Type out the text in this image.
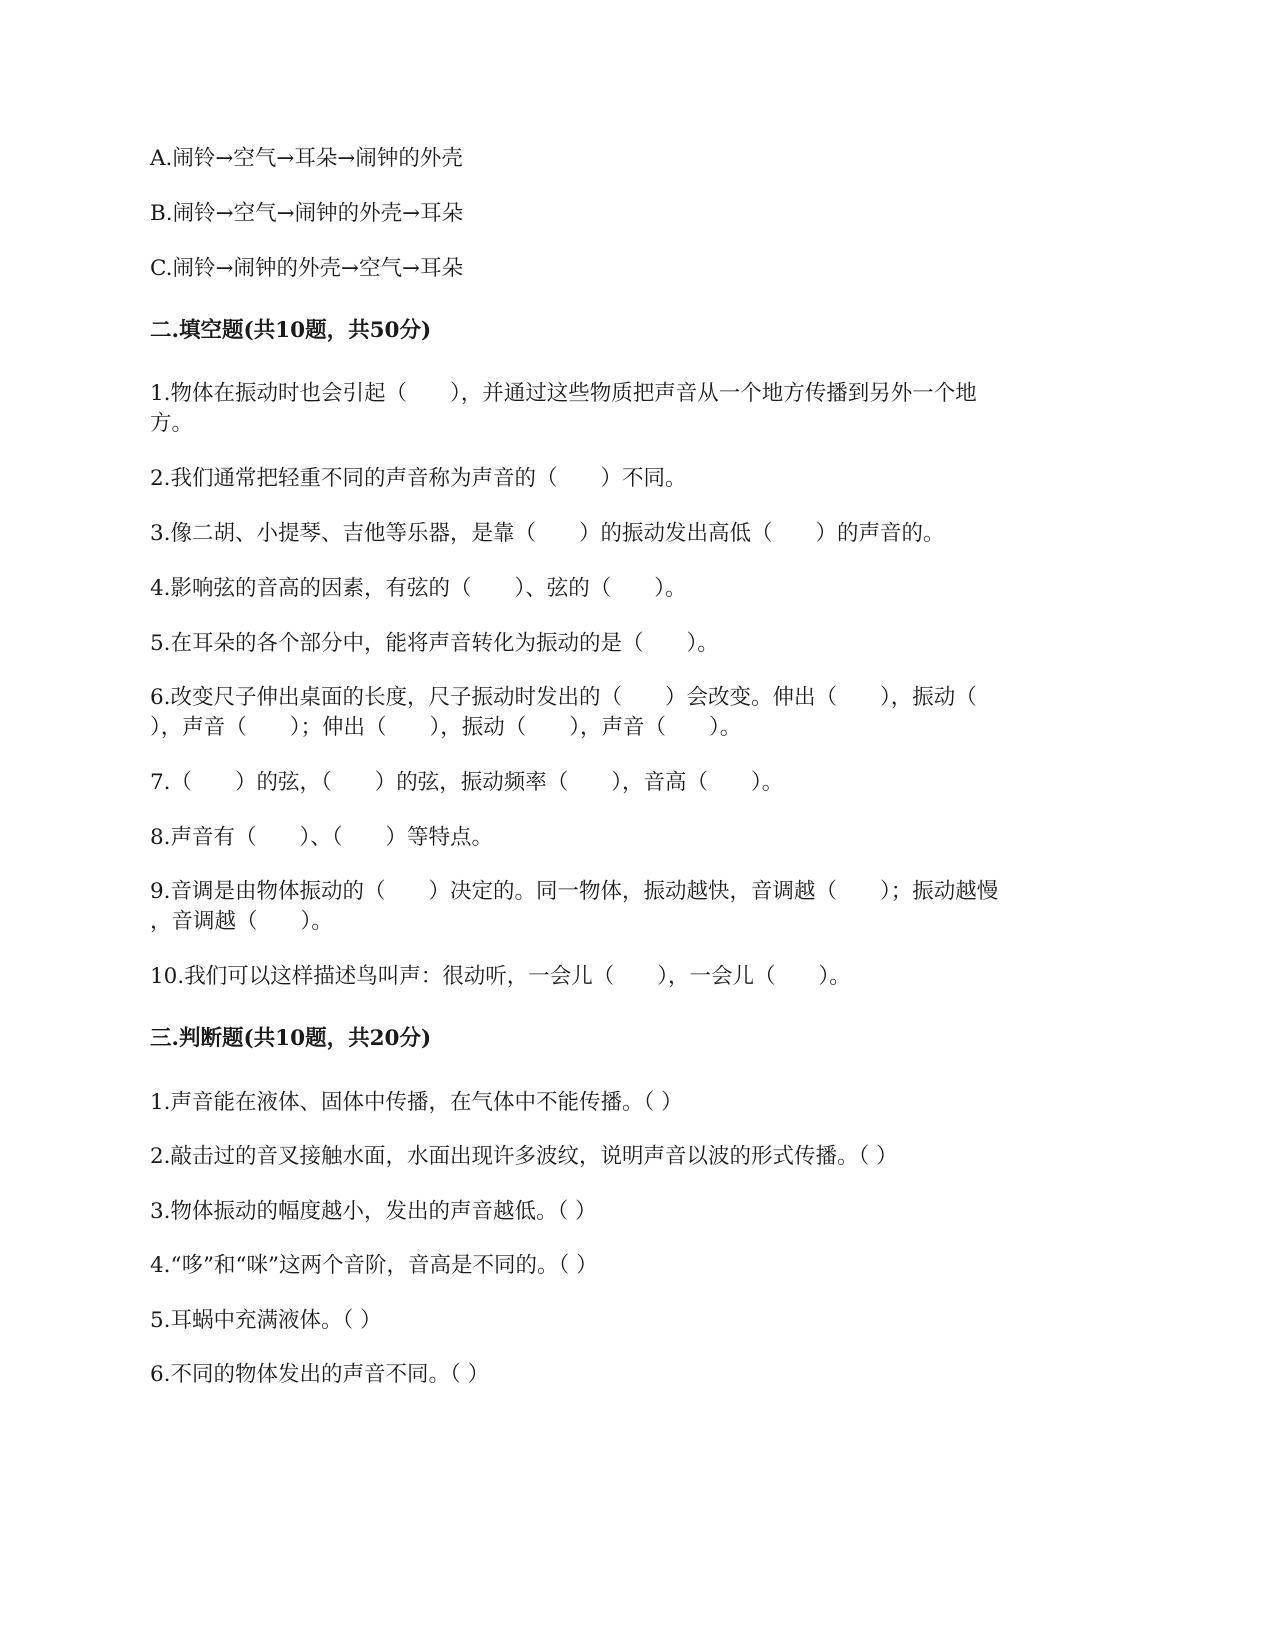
A.闹铃→空气→耳朵→闹钟的外壳
B.闹铃→空气→闹钟的外壳→耳朵
C.闹铃→闹钟的外壳→空气→耳朵
二.填空题(共10题，共50分)
1.物体在振动时也会引起（　　），并通过这些物质把声音从一个地方传播到另外一个地
方。
2.我们通常把轻重不同的声音称为声音的（　　）不同。
3.像二胡、小提琴、吉他等乐器，是靠（　　）的振动发出高低（　　）的声音的。
4.影响弦的音高的因素，有弦的（　　）、弦的（　　）。
5.在耳朵的各个部分中，能将声音转化为振动的是（　　）。
6.改变尺子伸出桌面的长度，尺子振动时发出的（　　）会改变。伸出（　　），振动（
），声音（　　）；伸出（　　），振动（　　），声音（　　）。
7.（　　）的弦，（　　）的弦，振动频率（　　），音高（　　）。
8.声音有（　　）、（　　）等特点。
9.音调是由物体振动的（　　）决定的。同一物体，振动越快，音调越（　　）；振动越慢
，音调越（　　）。
10.我们可以这样描述鸟叫声：很动听，一会儿（　　），一会儿（　　）。
三.判断题(共10题，共20分)
1.声音能在液体、固体中传播，在气体中不能传播。（ ）
2.敲击过的音叉接触水面，水面出现许多波纹，说明声音以波的形式传播。（ ）
3.物体振动的幅度越小，发出的声音越低。（ ）
4.“哆”和“咪”这两个音阶，音高是不同的。（ ）
5.耳蜗中充满液体。（ ）
6.不同的物体发出的声音不同。（ ）
